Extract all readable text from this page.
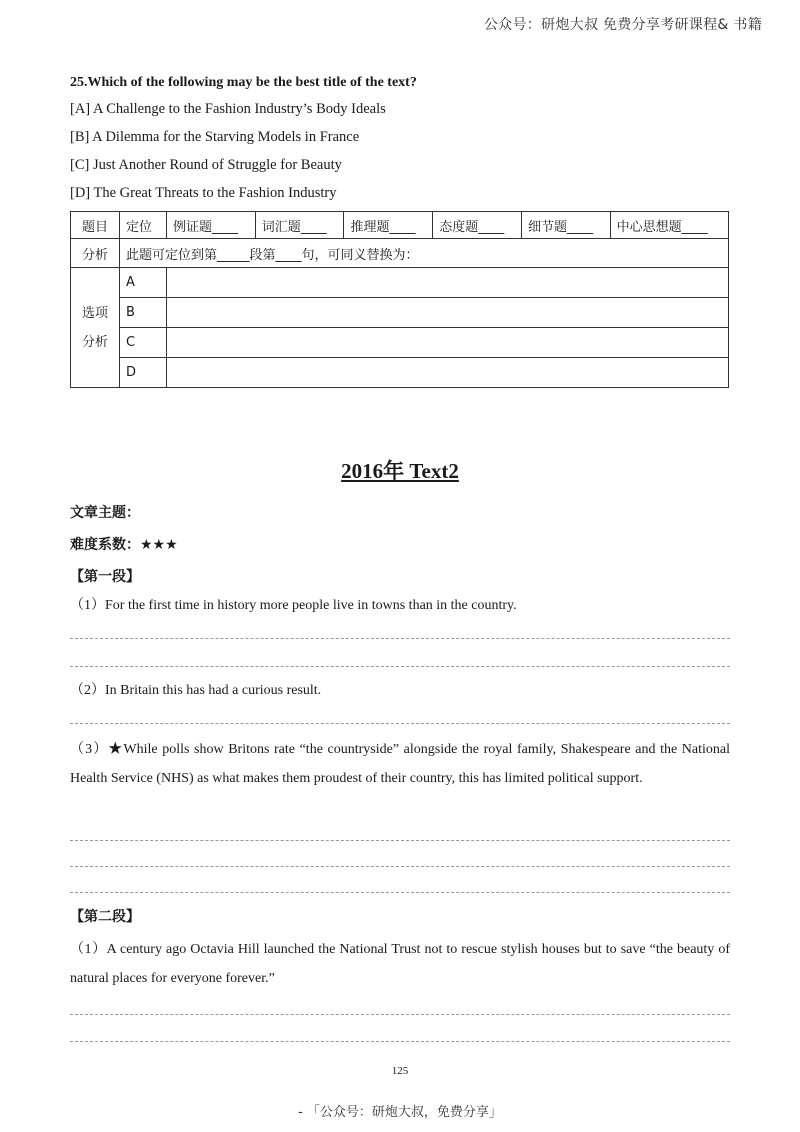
公众号：研炮大叔 免费分享考研课程& 书籍
25.Which of the following may be the best title of the text?
[A] A Challenge to the Fashion Industry’s Body Ideals
[B] A Dilemma for the Starving Models in France
[C] Just Another Round of Struggle for Beauty
[D] The Great Threats to the Fashion Industry
题目	定位	例证题____	词汇题____	推理题____	态度题____	细节题____	中心思想题____
分析	此题可定位到第_____段第____句，可同义替换为：						

选项
分析	A						
	B						
	C						
	D						
2016年 Text2
文章主题：
难度系数：★★★
【第一段】
（1）For the first time in history more people live in towns than in the country.
（2）In Britain this has had a curious result.
（3）★While polls show Britons rate “the countryside” alongside the royal family, Shakespeare and the National Health Service (NHS) as what makes them proudest of their country, this has limited political support.
【第二段】
（1）A century ago Octavia Hill launched the National Trust not to rescue stylish houses but to save “the beauty of natural places for everyone forever.”
125
- 「公众号：研炮大叔，免费分享」
